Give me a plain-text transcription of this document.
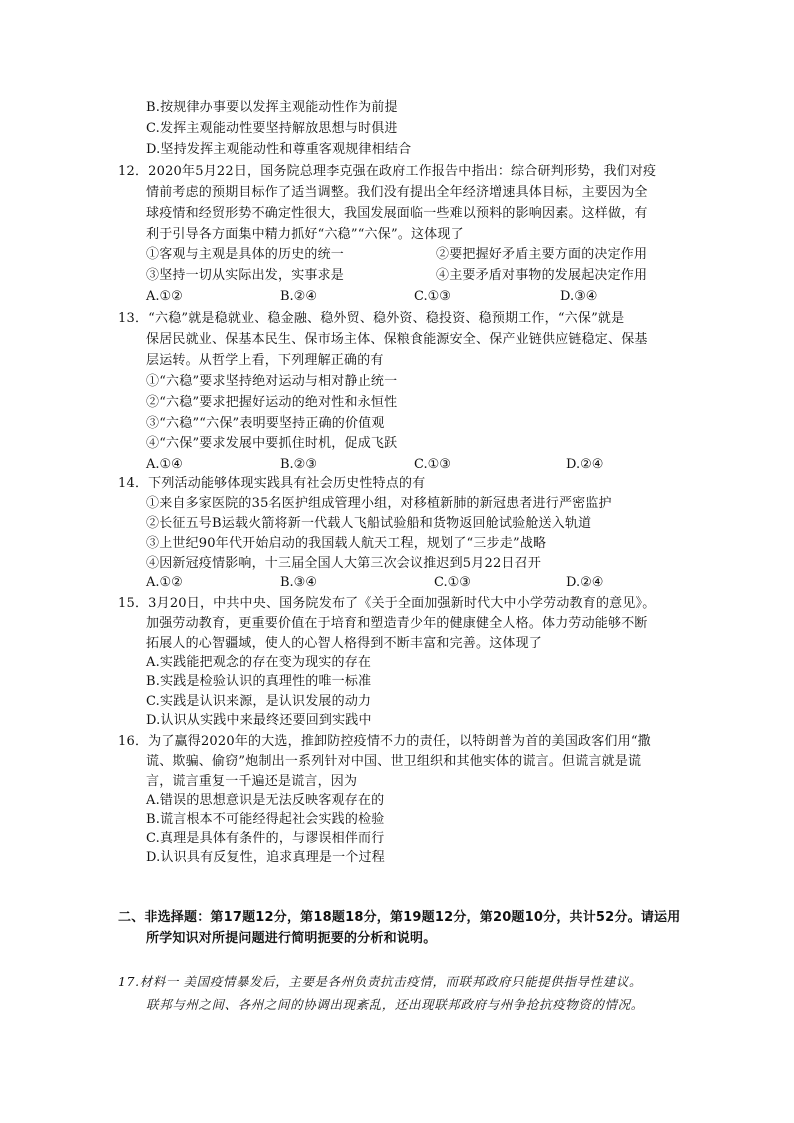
B.按规律办事要以发挥主观能动性作为前提
C.发挥主观能动性要坚持解放思想与时俱进
D.坚持发挥主观能动性和尊重客观规律相结合
12．2020年5月22日，国务院总理李克强在政府工作报告中指出：综合研判形势，我们对疫
情前考虑的预期目标作了适当调整。我们没有提出全年经济增速具体目标，主要因为全
球疫情和经贸形势不确定性很大，我国发展面临一些难以预料的影响因素。这样做，有
利于引导各方面集中精力抓好“六稳”“六保”。这体现了
①客观与主观是具体的历史的统一	②要把握好矛盾主要方面的决定作用
③坚持一切从实际出发，实事求是	④主要矛盾对事物的发展起决定作用
A.①②	B.②④	C.①③	D.③④
13．“六稳”就是稳就业、稳金融、稳外贸、稳外资、稳投资、稳预期工作，“六保”就是
保居民就业、保基本民生、保市场主体、保粮食能源安全、保产业链供应链稳定、保基
层运转。从哲学上看，下列理解正确的有
①“六稳”要求坚持绝对运动与相对静止统一
②“六稳”要求把握好运动的绝对性和永恒性
③“六稳”“六保”表明要坚持正确的价值观
④“六保”要求发展中要抓住时机，促成飞跃
A.①④	B.②③	C.①③	D.②④
14．下列活动能够体现实践具有社会历史性特点的有
①来自多家医院的35名医护组成管理小组，对移植新肺的新冠患者进行严密监护
②长征五号B运载火箭将新一代载人飞船试验船和货物返回舱试验舱送入轨道
③上世纪90年代开始启动的我国载人航天工程，规划了“三步走”战略
④因新冠疫情影响，十三届全国人大第三次会议推迟到5月22日召开
A.①②	B.③④	C.①③	D.②④
15．3月20日，中共中央、国务院发布了《关于全面加强新时代大中小学劳动教育的意见》。
加强劳动教育，更重要价值在于培育和塑造青少年的健康健全人格。体力劳动能够不断
拓展人的心智疆域，使人的心智人格得到不断丰富和完善。这体现了
A.实践能把观念的存在变为现实的存在
B.实践是检验认识的真理性的唯一标准
C.实践是认识来源，是认识发展的动力
D.认识从实践中来最终还要回到实践中
16．为了赢得2020年的大选，推卸防控疫情不力的责任，以特朗普为首的美国政客们用“撒
谎、欺骗、偷窃”炮制出一系列针对中国、世卫组织和其他实体的谎言。但谎言就是谎
言，谎言重复一千遍还是谎言，因为
A.错误的思想意识是无法反映客观存在的
B.谎言根本不可能经得起社会实践的检验
C.真理是具体有条件的，与谬误相伴而行
D.认识具有反复性，追求真理是一个过程
二、非选择题：第17题12分，第18题18分，第19题12分，第20题10分，共计52分。请运用
所学知识对所提问题进行简明扼要的分析和说明。
17.材料一 美国疫情暴发后，主要是各州负责抗击疫情，而联邦政府只能提供指导性建议。
联邦与州之间、各州之间的协调出现紊乱，还出现联邦政府与州争抢抗疫物资的情况。
